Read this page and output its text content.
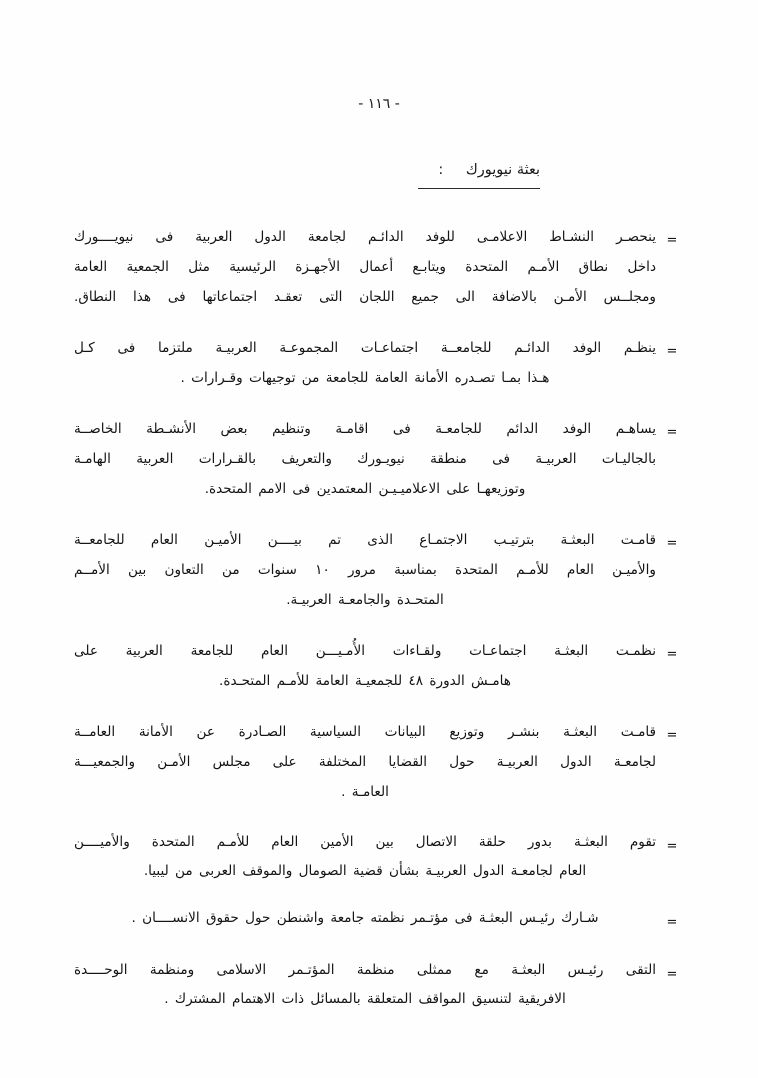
- ١١٦ -
بعثة نيويورك :
=
ينحصـر النشـاط الاعلامـى للوفد الدائـم لجامعة الدول العربية فى نيويــــورك
داخل نطاق الأمـم المتحدة ويتابـع أعمال الأجهـزة الرئيسية مثل الجمعية العامة
ومجلــس الأمـن بالاضافة الى جميع اللجان التى تعقـد اجتماعاتها فى هذا النطاق.
=
ينظـم الوفد الدائـم للجامعــة اجتماعـات المجموعـة العربيـة ملتزما فى كـل
هـذا بمـا تصـدره الأمانة العامة للجامعة من توجيهات وقـرارات .
=
يساهـم الوفد الدائم للجامعـة فى اقامـة وتنظيم بعض الأنشـطة الخاصــة
بالجاليـات العربيـة فى منطقة نيويـورك والتعريف بالقـرارات العربية الهامـة
وتوزيعهـا على الاعلاميـيـن المعتمدين فى الامم المتحدة.
=
قامـت البعثـة بترتيـب الاجتمـاع الذى تم بيــــن الأميـن العام للجامعــة
والأميـن العام للأمـم المتحدة بمناسبة مرور ١٠ سنوات من التعاون بين الأمــم
المتحـدة والجامعـة العربيـة.
=
نظمـت البعثـة اجتماعـات ولقـاءات الأُمـيـــن العام للجامعة العربية على
هامـش الدورة ٤٨ للجمعيـة العامة للأمـم المتحـدة.
=
قامـت البعثـة بنشـر وتوزيع البيانات السياسية الصـادرة عن الأمانة العامــة
لجامعـة الدول العربيـة حول القضايا المختلفة على مجلس الأمـن والجمعيـــة
العامـة .
=
تقوم البعثـة بدور حلقة الاتصال بين الأمين العام للأمـم المتحدة والأميــــن
العام لجامعـة الدول العربيـة بشأن قضية الصومال والموقف العربى من ليبيا.
=
شـارك رئيـس البعثـة فى مؤتـمر نظمته جامعة واشنطن حول حقوق الانســــان .
=
التقى رئيـس البعثـة مع ممثلى منظمة المؤتـمر الاسلامى ومنظمة الوحــــدة
الافريقية لتنسيق المواقف المتعلقة بالمسائل ذات الاهتمام المشترك .
